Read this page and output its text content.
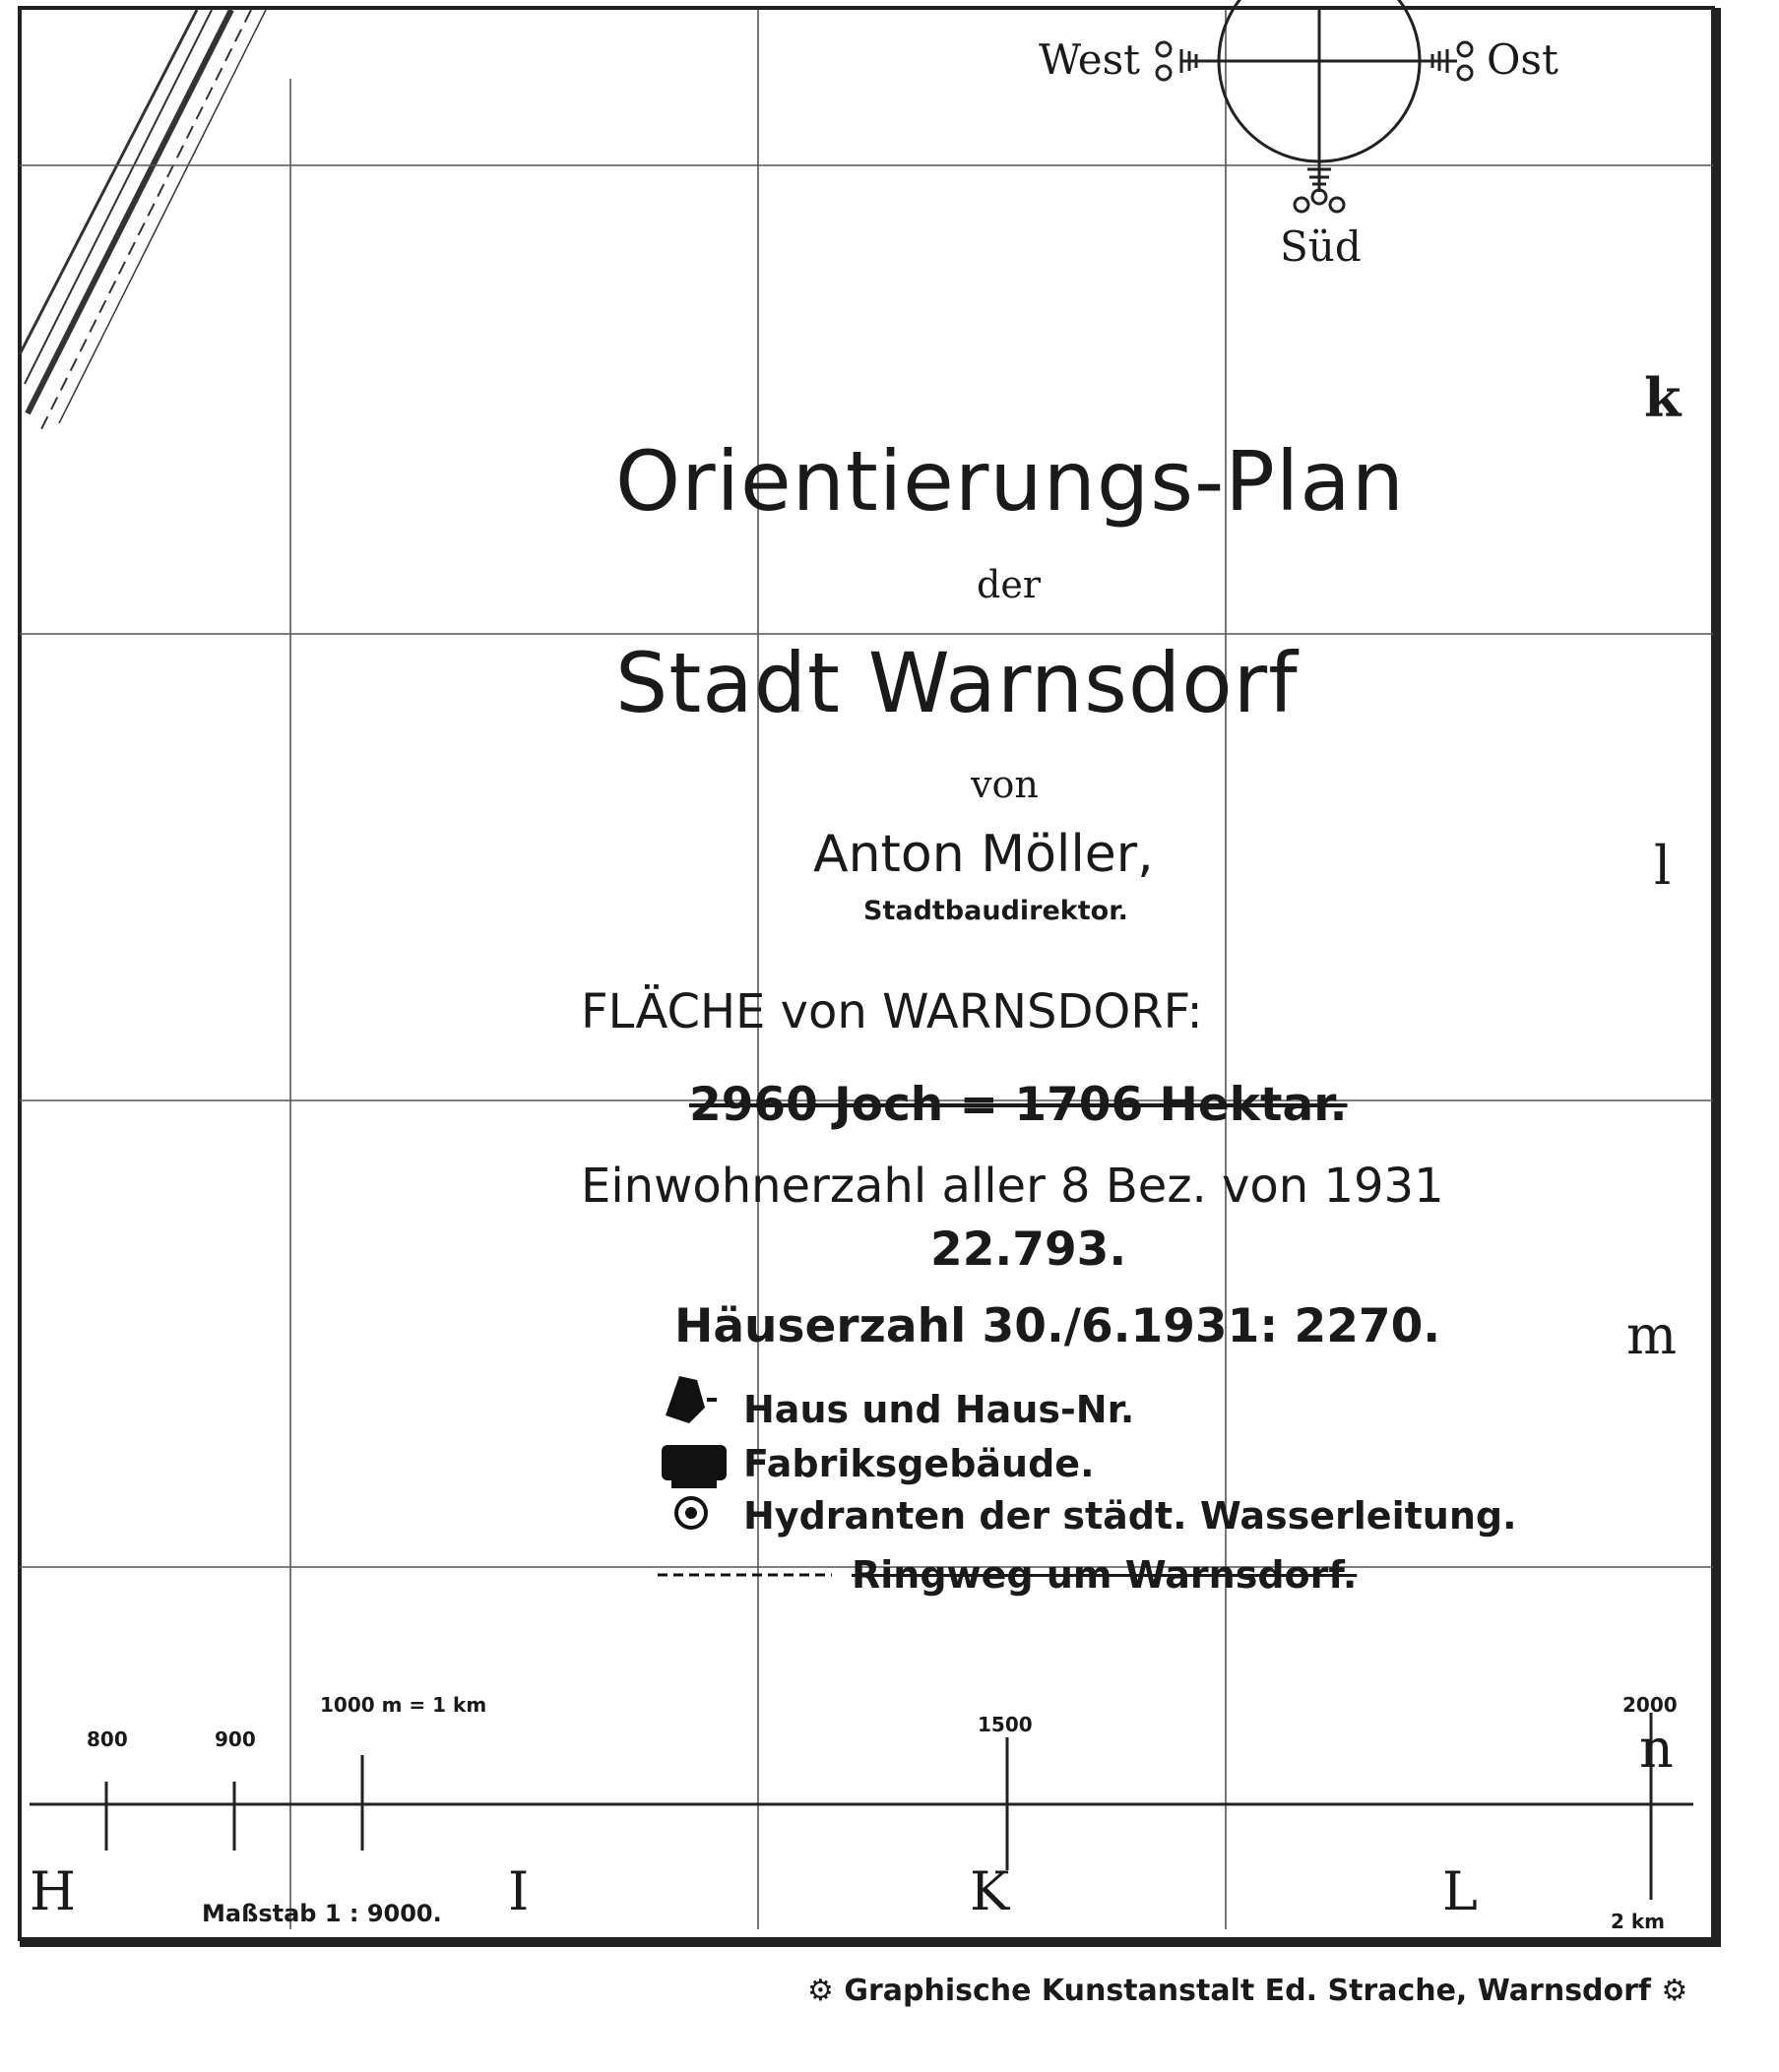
West	Ost
Süd
Orientierungs-Plan
der
Stadt Warnsdorf
von
Anton Möller,
Stadtbaudirektor.
FLÄCHE von WARNSDORF:
2960 Joch = 1706 Hektar.
Einwohnerzahl aller 8 Bez. von 1931
22.793.
Häuserzahl 30./6.1931: 2270.
Haus und Haus-Nr.
Fabriksgebäude.
Hydranten der städt. Wasserleitung.
Ringweg um Warnsdorf.
k
l
m
n
H	I	K	L
800	900
1000 m = 1 km
1500
2000
2 km
Maßstab 1 : 9000.
⚙ Graphische Kunstanstalt Ed. Strache, Warnsdorf ⚙
